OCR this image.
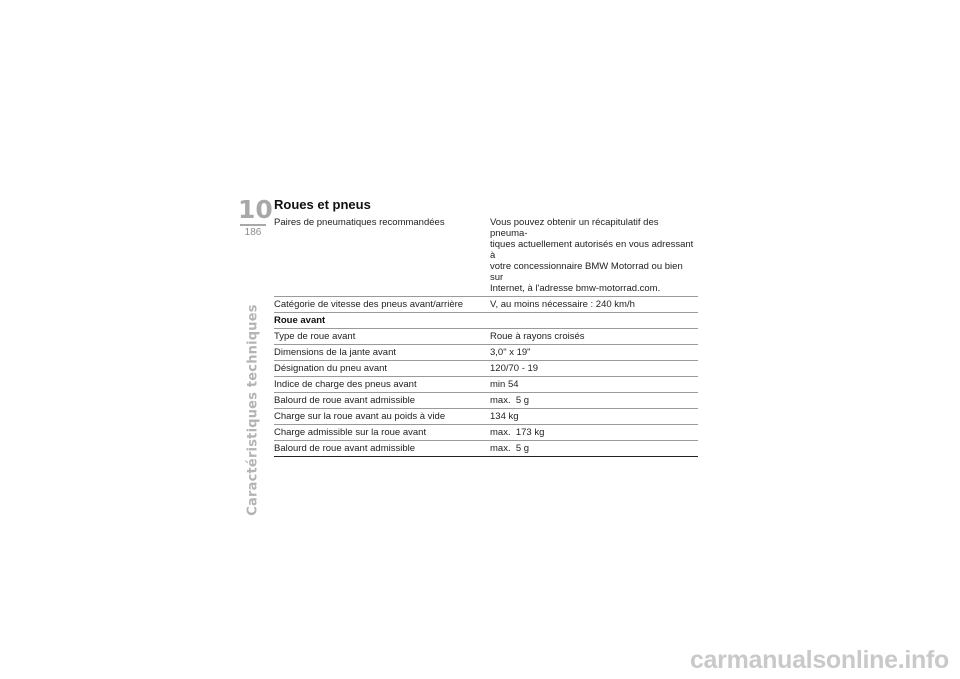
10
186
Caractéristiques techniques
Roues et pneus
Paires de pneumatiques recommandées	Vous pouvez obtenir un récapitulatif des pneuma-
tiques actuellement autorisés en vous adressant à
votre concessionnaire BMW Motorrad ou bien sur
Internet, à l'adresse bmw-motorrad.com.
Catégorie de vitesse des pneus avant/arrière	V, au moins nécessaire : 240 km/h
Roue avant	
Type de roue avant	Roue à rayons croisés
Dimensions de la jante avant	3,0" x 19"
Désignation du pneu avant	120/70 - 19
Indice de charge des pneus avant	min 54
Balourd de roue avant admissible	max.  5 g
Charge sur la roue avant au poids à vide	134 kg
Charge admissible sur la roue avant	max.  173 kg
Balourd de roue avant admissible	max.  5 g
carmanualsonline.info
